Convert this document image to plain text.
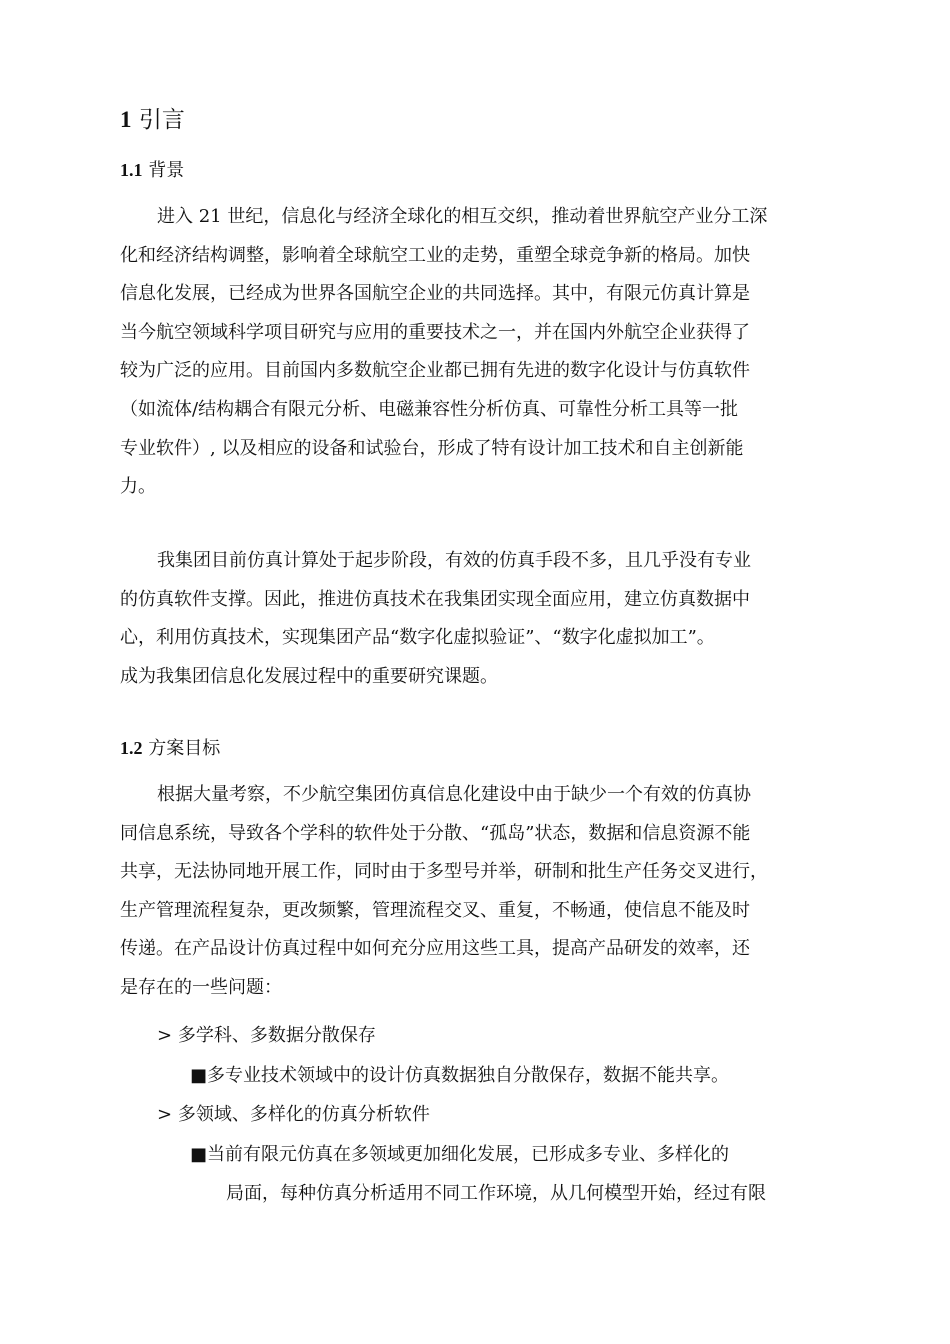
1 引言
1.1 背景
进入 21 世纪，信息化与经济全球化的相互交织，推动着世界航空产业分工深
化和经济结构调整，影响着全球航空工业的走势，重塑全球竞争新的格局。加快
信息化发展，已经成为世界各国航空企业的共同选择。其中，有限元仿真计算是
当今航空领域科学项目研究与应用的重要技术之一，并在国内外航空企业获得了
较为广泛的应用。目前国内多数航空企业都已拥有先进的数字化设计与仿真软件
（如流体/结构耦合有限元分析、电磁兼容性分析仿真、可靠性分析工具等一批
专业软件）, 以及相应的设备和试验台，形成了特有设计加工技术和自主创新能
力。
我集团目前仿真计算处于起步阶段，有效的仿真手段不多，且几乎没有专业
的仿真软件支撑。因此，推进仿真技术在我集团实现全面应用，建立仿真数据中
心，利用仿真技术，实现集团产品“数字化虚拟验证”、“数字化虚拟加工”。
成为我集团信息化发展过程中的重要研究课题。
1.2 方案目标
根据大量考察，不少航空集团仿真信息化建设中由于缺少一个有效的仿真协
同信息系统，导致各个学科的软件处于分散、“孤岛”状态，数据和信息资源不能
共享，无法协同地开展工作，同时由于多型号并举，研制和批生产任务交叉进行，
生产管理流程复杂，更改频繁，管理流程交叉、重复，不畅通，使信息不能及时
传递。在产品设计仿真过程中如何充分应用这些工具，提高产品研发的效率，还
是存在的一些问题：
> 多学科、多数据分散保存
■多专业技术领域中的设计仿真数据独自分散保存，数据不能共享。
> 多领域、多样化的仿真分析软件
■当前有限元仿真在多领域更加细化发展，已形成多专业、多样化的
局面，每种仿真分析适用不同工作环境，从几何模型开始，经过有限
